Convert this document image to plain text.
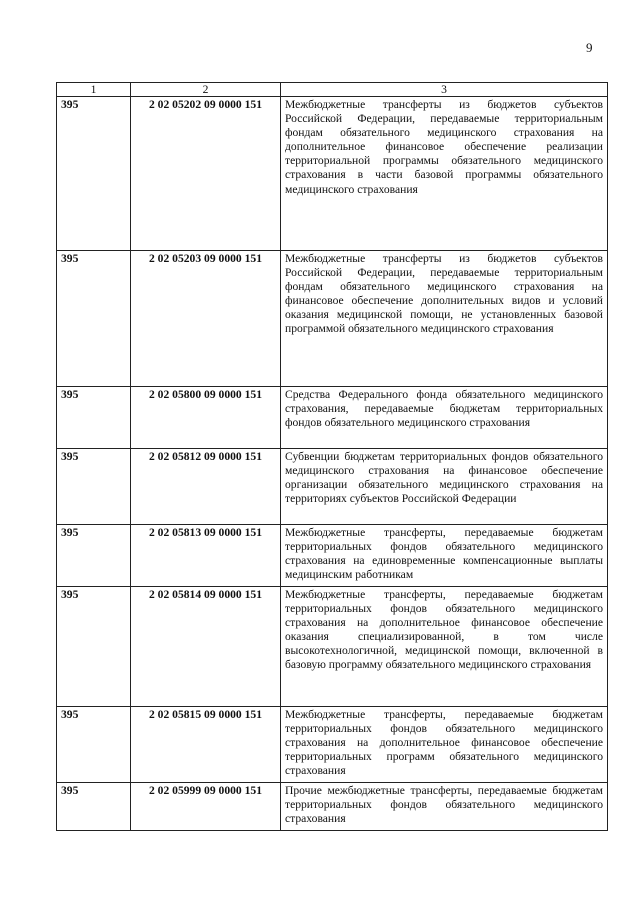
9
1	2	3
395	2 02 05202 09 0000 151	Межбюджетные трансферты из бюджетов субъектов Российской Федерации, передаваемые территориальным фондам обязательного медицинского страхования на дополнительное финансовое обеспечение реализации территориальной программы обязательного медицинского страхования в части базовой программы обязательного медицинского страхования
395	2 02 05203 09 0000 151	Межбюджетные трансферты из бюджетов субъектов Российской Федерации, передаваемые территориальным фондам обязательного медицинского страхования на финансовое обеспечение дополнительных видов и условий оказания медицинской помощи, не установленных базовой программой обязательного медицинского страхования
395	2 02 05800 09 0000 151	Средства Федерального фонда обязательного медицинского страхования, передаваемые бюджетам территориальных фондов обязательного медицинского страхования
395	2 02 05812 09 0000 151	Субвенции бюджетам территориальных фондов обязательного медицинского страхования на финансовое обеспечение организации обязательного медицинского страхования на территориях субъектов Российской Федерации
395	2 02 05813 09 0000 151	Межбюджетные трансферты, передаваемые бюджетам территориальных фондов обязательного медицинского страхования на единовременные компенсационные выплаты медицинским работникам
395	2 02 05814 09 0000 151	Межбюджетные трансферты, передаваемые бюджетам территориальных фондов обязательного медицинского страхования на дополнительное финансовое обеспечение оказания специализированной, в том числе высокотехнологичной, медицинской помощи, включенной в базовую программу обязательного медицинского страхования
395	2 02 05815 09 0000 151	Межбюджетные трансферты, передаваемые бюджетам территориальных фондов обязательного медицинского страхования на дополнительное финансовое обеспечение территориальных программ обязательного медицинского страхования
395	2 02 05999 09 0000 151	Прочие межбюджетные трансферты, передаваемые бюджетам территориальных фондов обязательного медицинского страхования
